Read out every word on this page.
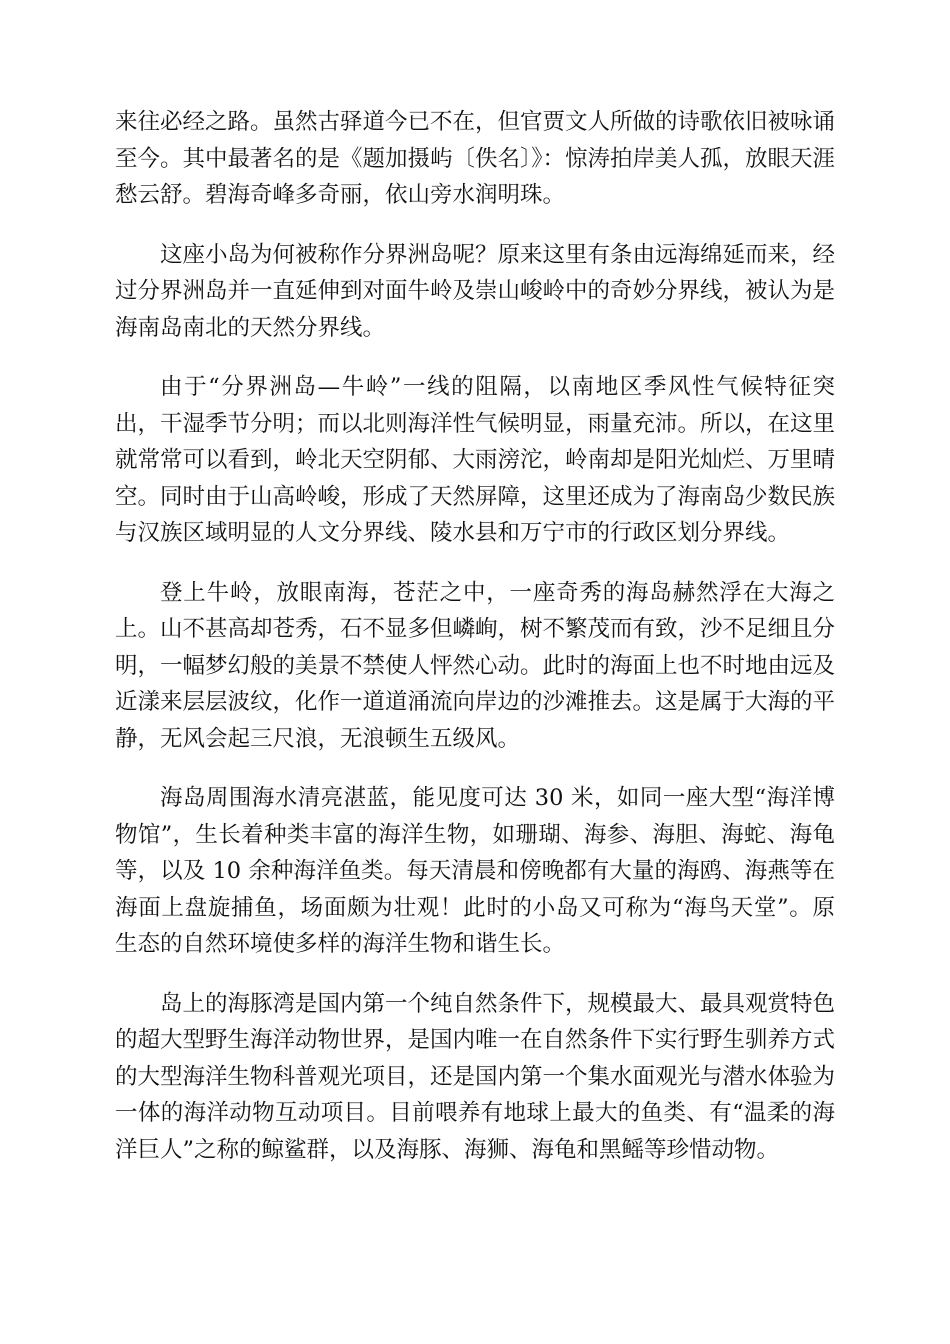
来往必经之路。虽然古驿道今已不在，但官贾文人所做的诗歌依旧被咏诵至今。其中最著名的是《题加摄屿〔佚名〕》：惊涛拍岸美人孤，放眼天涯愁云舒。碧海奇峰多奇丽，依山旁水润明珠。

这座小岛为何被称作分界洲岛呢？原来这里有条由远海绵延而来，经过分界洲岛并一直延伸到对面牛岭及崇山峻岭中的奇妙分界线，被认为是海南岛南北的天然分界线。

由于“分界洲岛—牛岭”一线的阻隔，以南地区季风性气候特征突出，干湿季节分明；而以北则海洋性气候明显，雨量充沛。所以，在这里就常常可以看到，岭北天空阴郁、大雨滂沱，岭南却是阳光灿烂、万里晴空。同时由于山高岭峻，形成了天然屏障，这里还成为了海南岛少数民族与汉族区域明显的人文分界线、陵水县和万宁市的行政区划分界线。

登上牛岭，放眼南海，苍茫之中，一座奇秀的海岛赫然浮在大海之上。山不甚高却苍秀，石不显多但嶙峋，树不繁茂而有致，沙不足细且分明，一幅梦幻般的美景不禁使人怦然心动。此时的海面上也不时地由远及近漾来层层波纹，化作一道道涌流向岸边的沙滩推去。这是属于大海的平静，无风会起三尺浪，无浪顿生五级风。

海岛周围海水清亮湛蓝，能见度可达 30 米，如同一座大型“海洋博物馆”，生长着种类丰富的海洋生物，如珊瑚、海参、海胆、海蛇、海龟等，以及 10 余种海洋鱼类。每天清晨和傍晚都有大量的海鸥、海燕等在海面上盘旋捕鱼，场面颇为壮观！此时的小岛又可称为“海鸟天堂”。原生态的自然环境使多样的海洋生物和谐生长。

岛上的海豚湾是国内第一个纯自然条件下，规模最大、最具观赏特色的超大型野生海洋动物世界，是国内唯一在自然条件下实行野生驯养方式的大型海洋生物科普观光项目，还是国内第一个集水面观光与潜水体验为一体的海洋动物互动项目。目前喂养有地球上最大的鱼类、有“温柔的海洋巨人”之称的鲸鲨群，以及海豚、海狮、海龟和黑鳐等珍惜动物。
